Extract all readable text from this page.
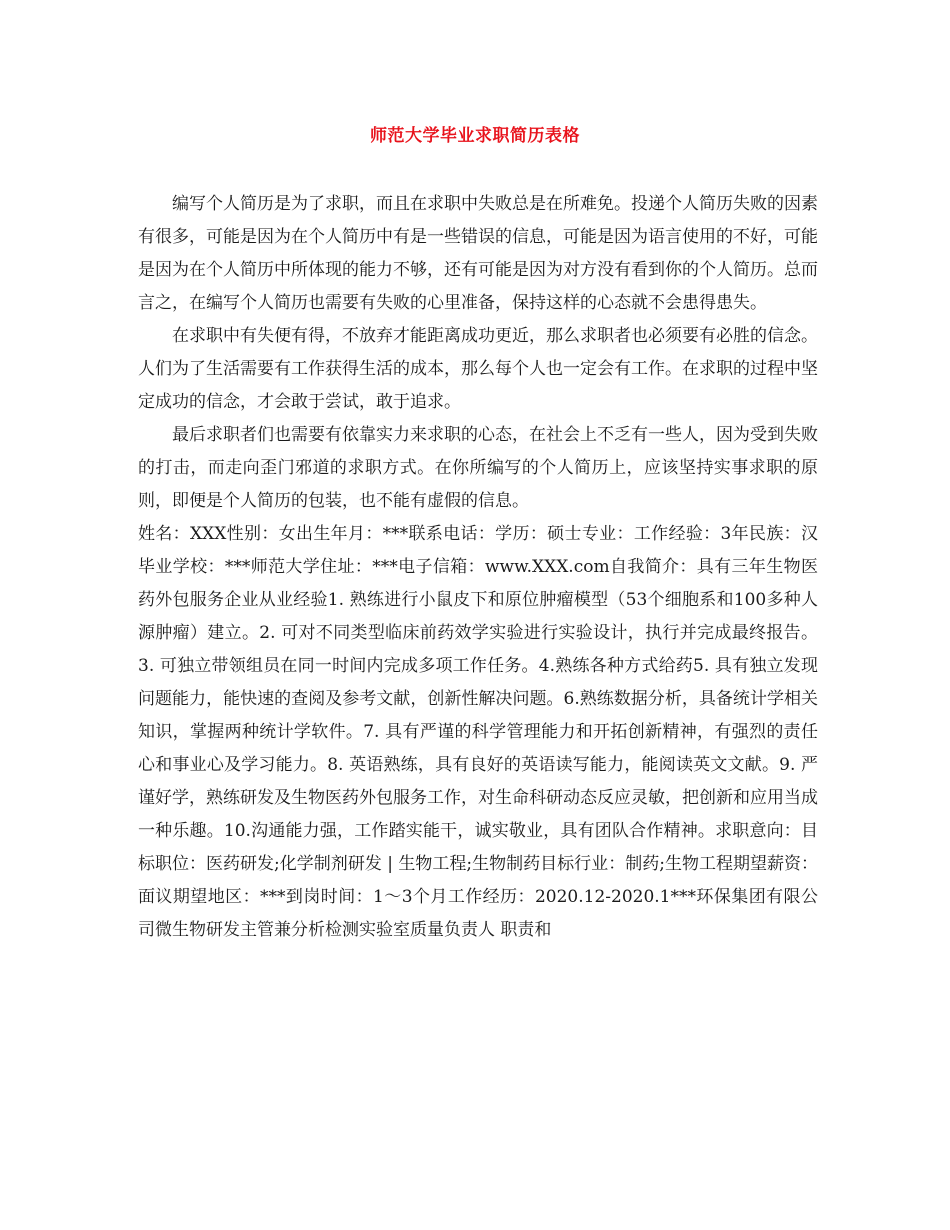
师范大学毕业求职简历表格

编写个人简历是为了求职，而且在求职中失败总是在所难免。投递个人简历失败的因素有很多，可能是因为在个人简历中有是一些错误的信息，可能是因为语言使用的不好，可能是因为在个人简历中所体现的能力不够，还有可能是因为对方没有看到你的个人简历。总而言之，在编写个人简历也需要有失败的心里准备，保持这样的心态就不会患得患失。

在求职中有失便有得，不放弃才能距离成功更近，那么求职者也必须要有必胜的信念。人们为了生活需要有工作获得生活的成本，那么每个人也一定会有工作。在求职的过程中坚定成功的信念，才会敢于尝试，敢于追求。

最后求职者们也需要有依靠实力来求职的心态，在社会上不乏有一些人，因为受到失败的打击，而走向歪门邪道的求职方式。在你所编写的个人简历上，应该坚持实事求职的原则，即便是个人简历的包装，也不能有虚假的信息。

姓名：XXX性别：女出生年月：***联系电话：学历：硕士专业：工作经验：3年民族：汉毕业学校：***师范大学住址：***电子信箱：www.XXX.com自我简介：具有三年生物医药外包服务企业从业经验1. 熟练进行小鼠皮下和原位肿瘤模型（53个细胞系和100多种人源肿瘤）建立。2. 可对不同类型临床前药效学实验进行实验设计，执行并完成最终报告。3. 可独立带领组员在同一时间内完成多项工作任务。4.熟练各种方式给药5. 具有独立发现问题能力，能快速的查阅及参考文献，创新性解决问题。6.熟练数据分析，具备统计学相关知识，掌握两种统计学软件。7. 具有严谨的科学管理能力和开拓创新精神，有强烈的责任心和事业心及学习能力。8. 英语熟练，具有良好的英语读写能力，能阅读英文文献。9. 严谨好学，熟练研发及生物医药外包服务工作，对生命科研动态反应灵敏，把创新和应用当成一种乐趣。10.沟通能力强，工作踏实能干，诚实敬业，具有团队合作精神。求职意向：目标职位：医药研发;化学制剂研发 | 生物工程;生物制药目标行业：制药;生物工程期望薪资：面议期望地区：***到岗时间：1～3个月工作经历：2020.12-2020.1***环保集团有限公司微生物研发主管兼分析检测实验室质量负责人 职责和
